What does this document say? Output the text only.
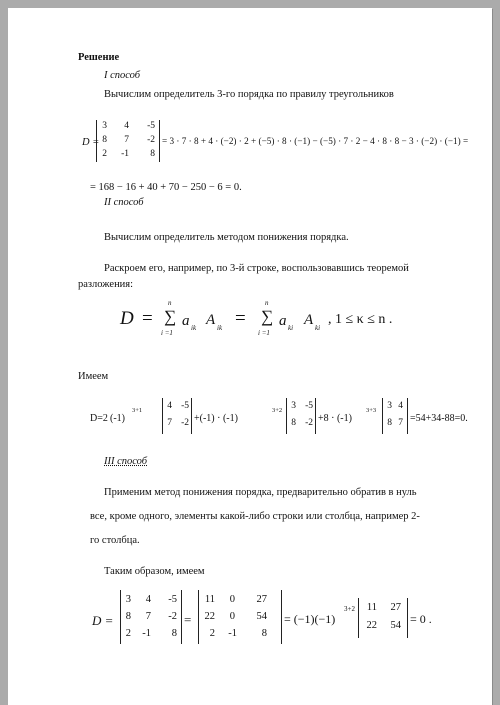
Решение
I способ
Вычислим определитель 3-го порядка по правилу треугольников
D =
3	4	-5
8	7	-2
2	-1	8
= 3 · 7 · 8 + 4 · (−2) · 2 + (−5) · 8 · (−1) − (−5) · 7 · 2 − 4 · 8 · 8 − 3 · (−2) · (−1) =
= 168 − 16 + 40 + 70 − 250 − 6 = 0.
II способ
Вычислим определитель методом понижения порядка.
Раскроем его, например, по 3-й строке, воспользовавшись теоремой
разложения:
D =
n
∑
i =1
a ik A ik =
n
∑
i =1
a ki A ki
, 1 ≤ κ ≤ n .
Имеем
D=2 (-1)
3+1	4 -5
7 -2 +(-1) · (-1)
3+2 3 -5
8 -2 +8 · (-1)
3+3	3 4
8 7 =54+34-88=0.
III способ
Применим метод понижения порядка, предварительно обратив в нуль
все, кроме одного, элементы какой-либо строки или столбца, например 2-
го столбца.
Таким образом, имеем
D =
3	4	-5
8	7	-2
2	-1	8
=
11	0	27
22	0	54
2	-1	8
= (−1)(−1)
3+2	11	27
22	54 = 0 .
